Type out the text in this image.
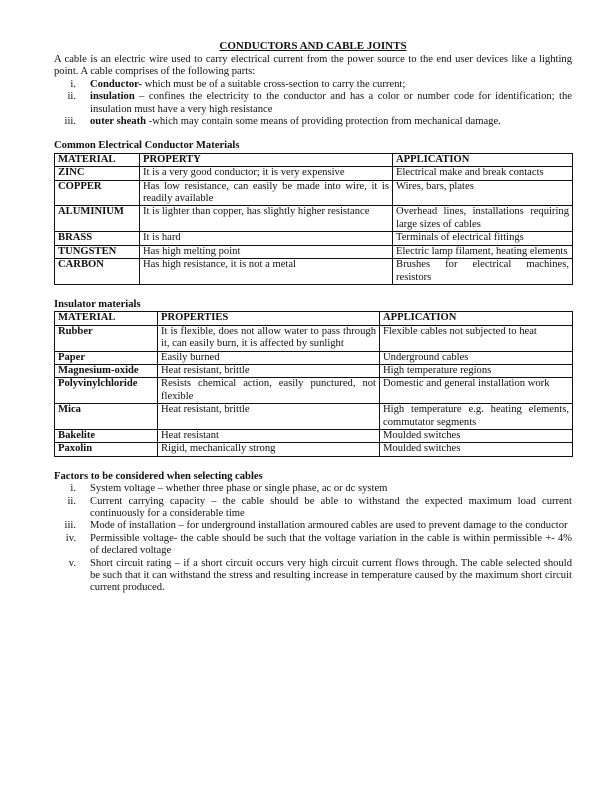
CONDUCTORS AND CABLE JOINTS

A cable is an electric wire used to carry electrical current from the power source to the end user devices like a lighting point. A cable comprises of the following parts:

i.	Conductor- which must be of a suitable cross-section to carry the current;
ii.	insulation – confines the electricity to the conductor and has a color or number code for identification; the insulation must have a very high resistance
iii.	outer sheath -which may contain some means of providing protection from mechanical damage.

Common Electrical Conductor Materials

MATERIAL	PROPERTY	APPLICATION
ZINC	It is a very good conductor; it is very expensive	Electrical make and break contacts
COPPER	Has low resistance, can easily be made into wire, it is readily available	Wires, bars, plates
ALUMINIUM	It is lighter than copper, has slightly higher resistance	Overhead lines, installations requiring large sizes of cables
BRASS	It is hard	Terminals of electrical fittings
TUNGSTEN	Has high melting point	Electric lamp filament, heating elements
CARBON	Has high resistance, it is not a metal	Brushes for electrical machines, resistors

Insulator materials

MATERIAL	PROPERTIES	APPLICATION
Rubber	It is flexible, does not allow water to pass through it, can easily burn, it is affected by sunlight	Flexible cables not subjected to heat
Paper	Easily burned	Underground cables
Magnesium-oxide	Heat resistant, brittle	High temperature regions
Polyvinylchloride	Resists chemical action, easily punctured, not flexible	Domestic and general installation work
Mica	Heat resistant, brittle	High temperature e.g. heating elements, commutator segments
Bakelite	Heat resistant	Moulded switches
Paxolin	Rigid, mechanically strong	Moulded switches

Factors to be considered when selecting cables

i.	System voltage – whether three phase or single phase, ac or dc system
ii.	Current carrying capacity – the cable should be able to withstand the expected maximum load current continuously for a considerable time
iii.	Mode of installation – for underground installation armoured cables are used to prevent damage to the conductor
iv.	Permissible voltage- the cable should be such that the voltage variation in the cable is within permissible +- 4% of declared voltage
v.	Short circuit rating – if a short circuit occurs very high circuit current flows through. The cable selected should be such that it can withstand the stress and resulting increase in temperature caused by the maximum short circuit current produced.
